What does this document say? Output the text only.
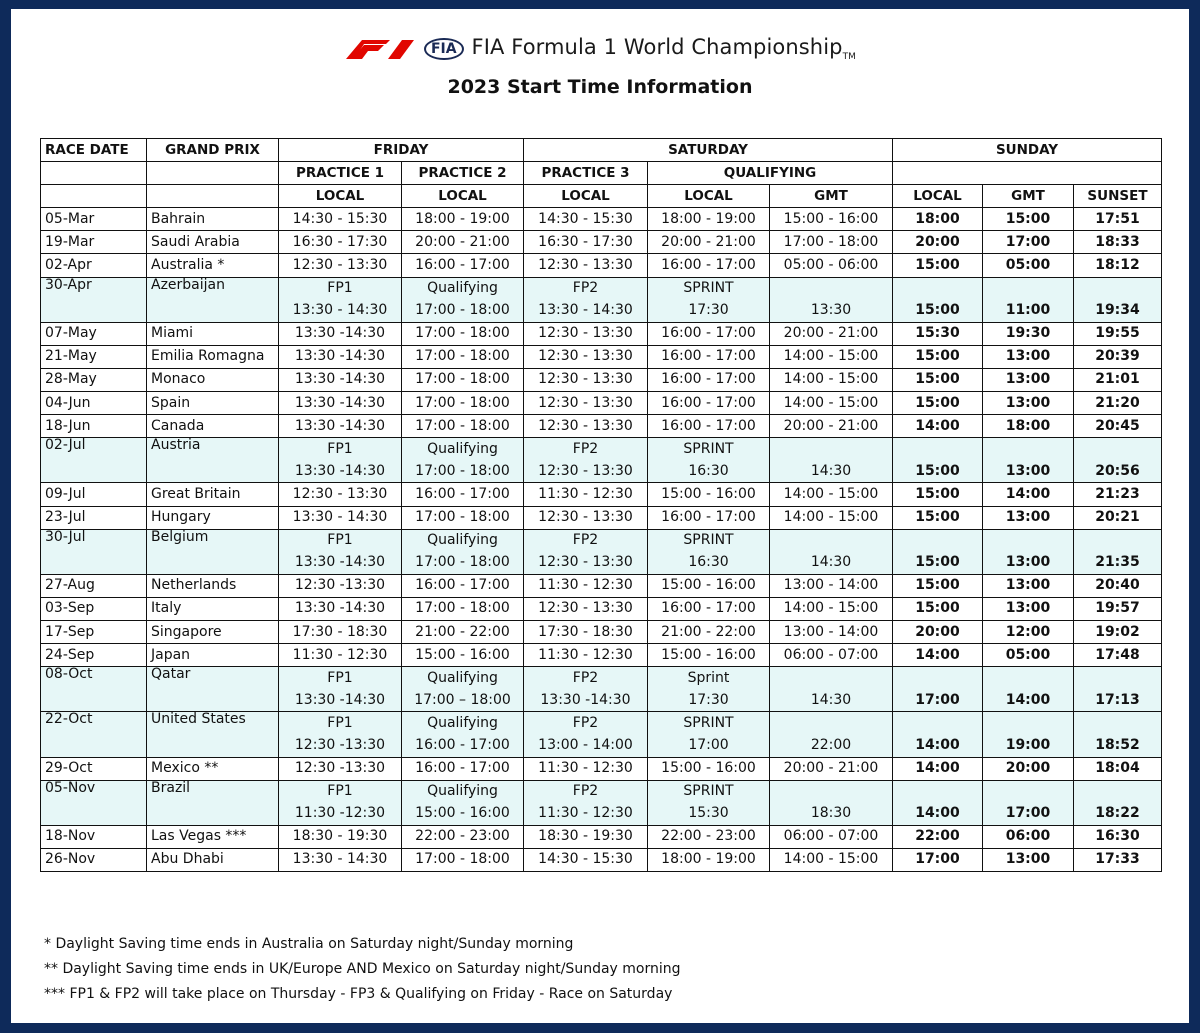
FIA FIA Formula 1 World Championship$_{TM}$
2023 Start Time Information
RACE DATE	GRAND PRIX	FRIDAY		SATURDAY			SUNDAY		
		PRACTICE 1	PRACTICE 2	PRACTICE 3	QUALIFYING				
		LOCAL	LOCAL	LOCAL	LOCAL	GMT	LOCAL	GMT	SUNSET
05-Mar	Bahrain	14:30 - 15:30	18:00 - 19:00	14:30 - 15:30	18:00 - 19:00	15:00 - 16:00	18:00	15:00	17:51
19-Mar	Saudi Arabia	16:30 - 17:30	20:00 - 21:00	16:30 - 17:30	20:00 - 21:00	17:00 - 18:00	20:00	17:00	18:33
02-Apr	Australia *	12:30 - 13:30	16:00 - 17:00	12:30 - 13:30	16:00 - 17:00	05:00 - 06:00	15:00	05:00	18:12
30-Apr	Azerbaijan	FP1	Qualifying	FP2	SPRINT				
		13:30 - 14:30	17:00 - 18:00	13:30 - 14:30	17:30	13:30	15:00	11:00	19:34
07-May	Miami	13:30 -14:30	17:00 - 18:00	12:30 - 13:30	16:00 - 17:00	20:00 - 21:00	15:30	19:30	19:55
21-May	Emilia Romagna	13:30 -14:30	17:00 - 18:00	12:30 - 13:30	16:00 - 17:00	14:00 - 15:00	15:00	13:00	20:39
28-May	Monaco	13:30 -14:30	17:00 - 18:00	12:30 - 13:30	16:00 - 17:00	14:00 - 15:00	15:00	13:00	21:01
04-Jun	Spain	13:30 -14:30	17:00 - 18:00	12:30 - 13:30	16:00 - 17:00	14:00 - 15:00	15:00	13:00	21:20
18-Jun	Canada	13:30 -14:30	17:00 - 18:00	12:30 - 13:30	16:00 - 17:00	20:00 - 21:00	14:00	18:00	20:45
02-Jul	Austria	FP1	Qualifying	FP2	SPRINT				
		13:30 -14:30	17:00 - 18:00	12:30 - 13:30	16:30	14:30	15:00	13:00	20:56
09-Jul	Great Britain	12:30 - 13:30	16:00 - 17:00	11:30 - 12:30	15:00 - 16:00	14:00 - 15:00	15:00	14:00	21:23
23-Jul	Hungary	13:30 - 14:30	17:00 - 18:00	12:30 - 13:30	16:00 - 17:00	14:00 - 15:00	15:00	13:00	20:21
30-Jul	Belgium	FP1	Qualifying	FP2	SPRINT				
		13:30 -14:30	17:00 - 18:00	12:30 - 13:30	16:30	14:30	15:00	13:00	21:35
27-Aug	Netherlands	12:30 -13:30	16:00 - 17:00	11:30 - 12:30	15:00 - 16:00	13:00 - 14:00	15:00	13:00	20:40
03-Sep	Italy	13:30 -14:30	17:00 - 18:00	12:30 - 13:30	16:00 - 17:00	14:00 - 15:00	15:00	13:00	19:57
17-Sep	Singapore	17:30 - 18:30	21:00 - 22:00	17:30 - 18:30	21:00 - 22:00	13:00 - 14:00	20:00	12:00	19:02
24-Sep	Japan	11:30 - 12:30	15:00 - 16:00	11:30 - 12:30	15:00 - 16:00	06:00 - 07:00	14:00	05:00	17:48
08-Oct	Qatar	FP1	Qualifying	FP2	Sprint				
		13:30 -14:30	17:00 – 18:00	13:30 -14:30	17:30	14:30	17:00	14:00	17:13
22-Oct	United States	FP1	Qualifying	FP2	SPRINT				
		12:30 -13:30	16:00 - 17:00	13:00 - 14:00	17:00	22:00	14:00	19:00	18:52
29-Oct	Mexico **	12:30 -13:30	16:00 - 17:00	11:30 - 12:30	15:00 - 16:00	20:00 - 21:00	14:00	20:00	18:04
05-Nov	Brazil	FP1	Qualifying	FP2	SPRINT				
		11:30 -12:30	15:00 - 16:00	11:30 - 12:30	15:30	18:30	14:00	17:00	18:22
18-Nov	Las Vegas ***	18:30 - 19:30	22:00 - 23:00	18:30 - 19:30	22:00 - 23:00	06:00 - 07:00	22:00	06:00	16:30
26-Nov	Abu Dhabi	13:30 - 14:30	17:00 - 18:00	14:30 - 15:30	18:00 - 19:00	14:00 - 15:00	17:00	13:00	17:33
* Daylight Saving time ends in Australia on Saturday night/Sunday morning
** Daylight Saving time ends in UK/Europe AND Mexico on Saturday night/Sunday morning
*** FP1 & FP2 will take place on Thursday - FP3 & Qualifying on Friday - Race on Saturday
